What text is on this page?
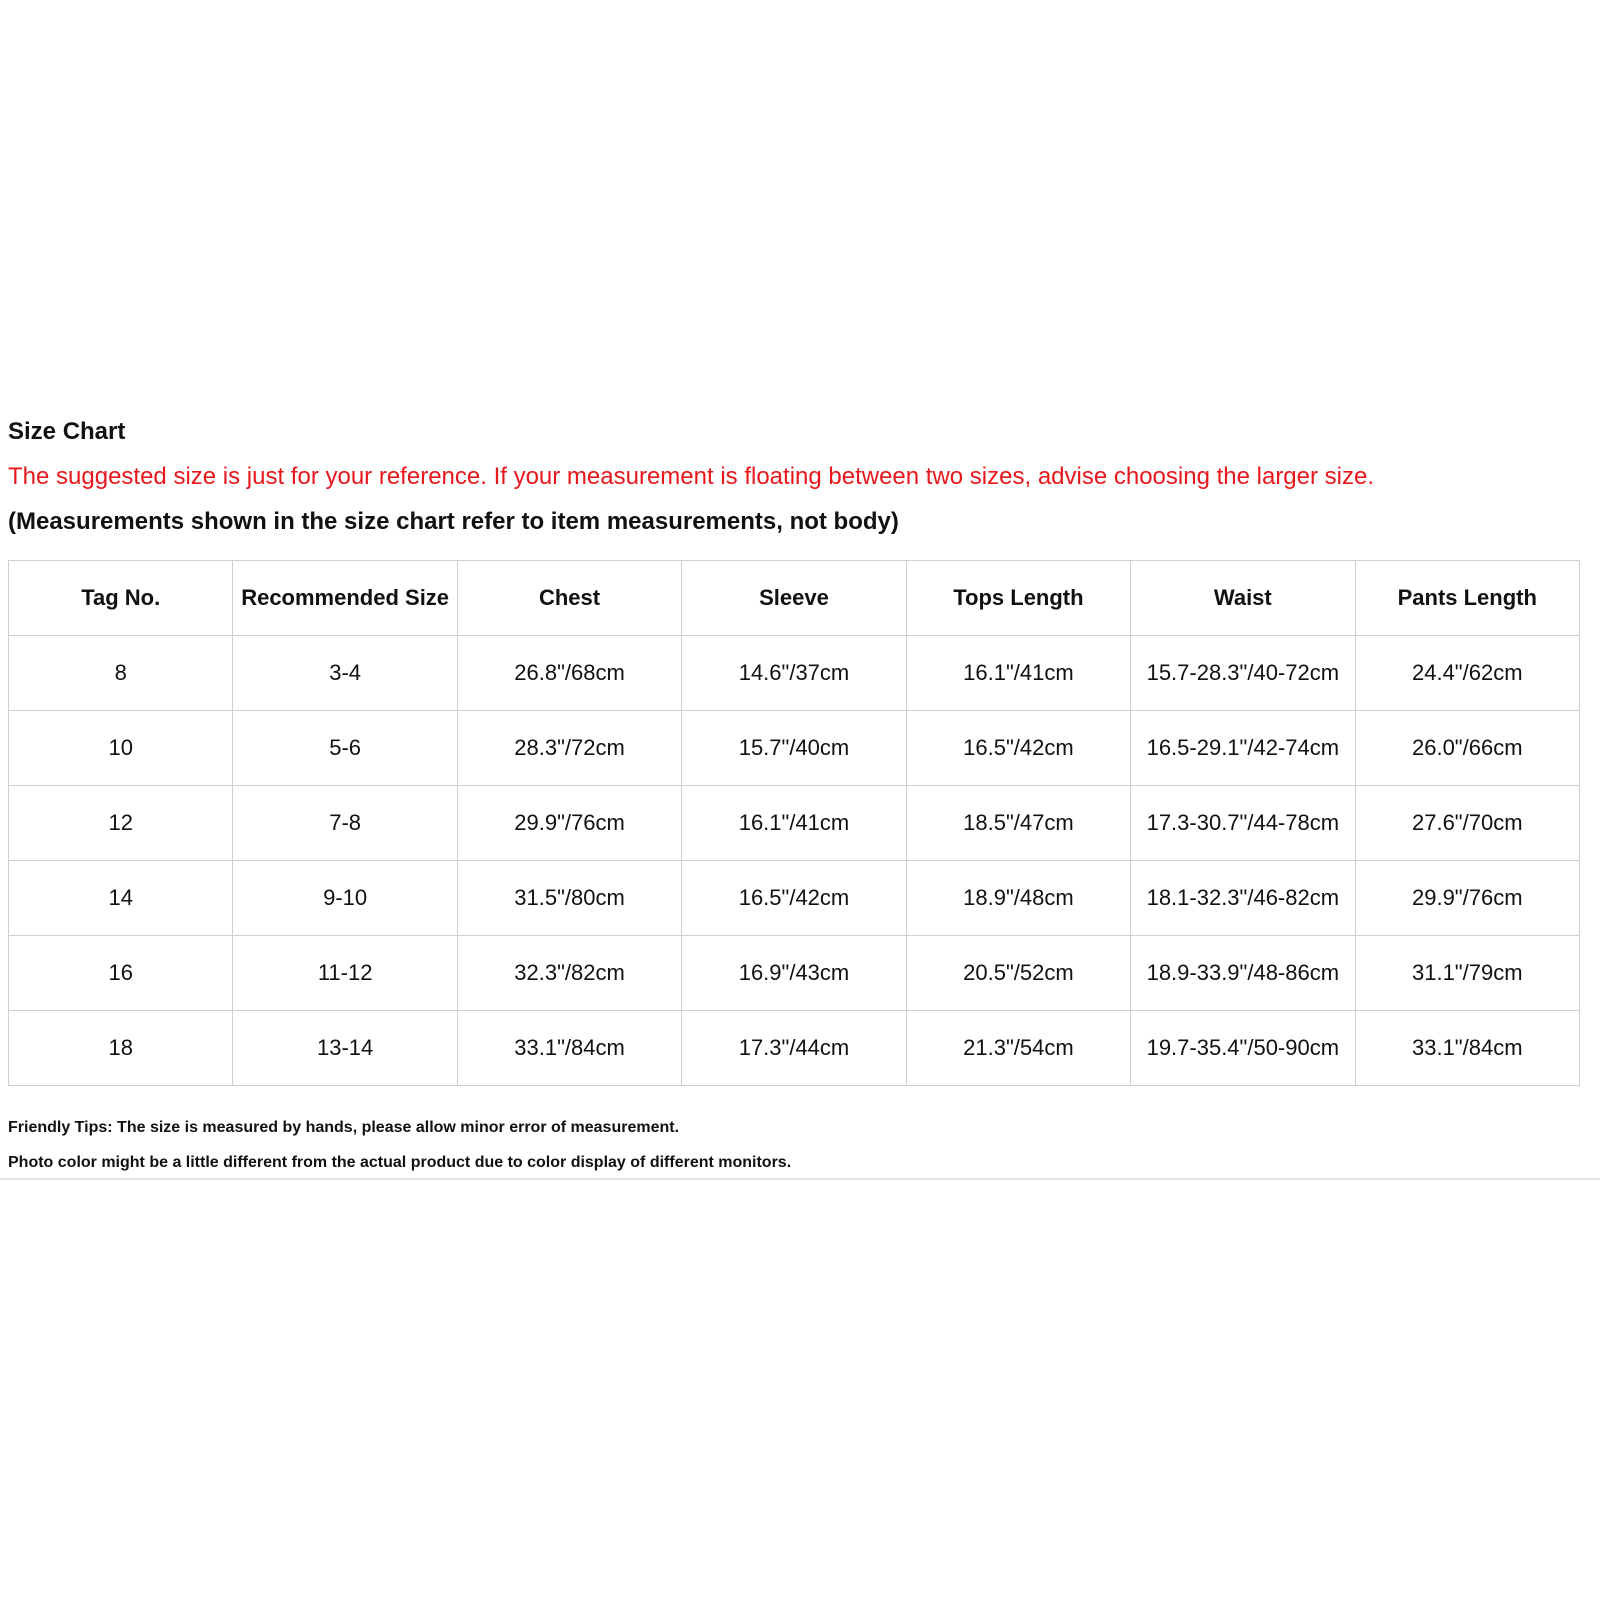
Size Chart
The suggested size is just for your reference. If your measurement is floating between two sizes, advise choosing the larger size.
(Measurements shown in the size chart refer to item measurements, not body)
Tag No.	Recommended Size	Chest	Sleeve	Tops Length	Waist	Pants Length
8	3-4	26.8"/68cm	14.6"/37cm	16.1"/41cm	15.7-28.3"/40-72cm	24.4"/62cm
10	5-6	28.3"/72cm	15.7"/40cm	16.5"/42cm	16.5-29.1"/42-74cm	26.0"/66cm
12	7-8	29.9"/76cm	16.1"/41cm	18.5"/47cm	17.3-30.7"/44-78cm	27.6"/70cm
14	9-10	31.5"/80cm	16.5"/42cm	18.9"/48cm	18.1-32.3"/46-82cm	29.9"/76cm
16	11-12	32.3"/82cm	16.9"/43cm	20.5"/52cm	18.9-33.9"/48-86cm	31.1"/79cm
18	13-14	33.1"/84cm	17.3"/44cm	21.3"/54cm	19.7-35.4"/50-90cm	33.1"/84cm
Friendly Tips: The size is measured by hands, please allow minor error of measurement.
Photo color might be a little different from the actual product due to color display of different monitors.
